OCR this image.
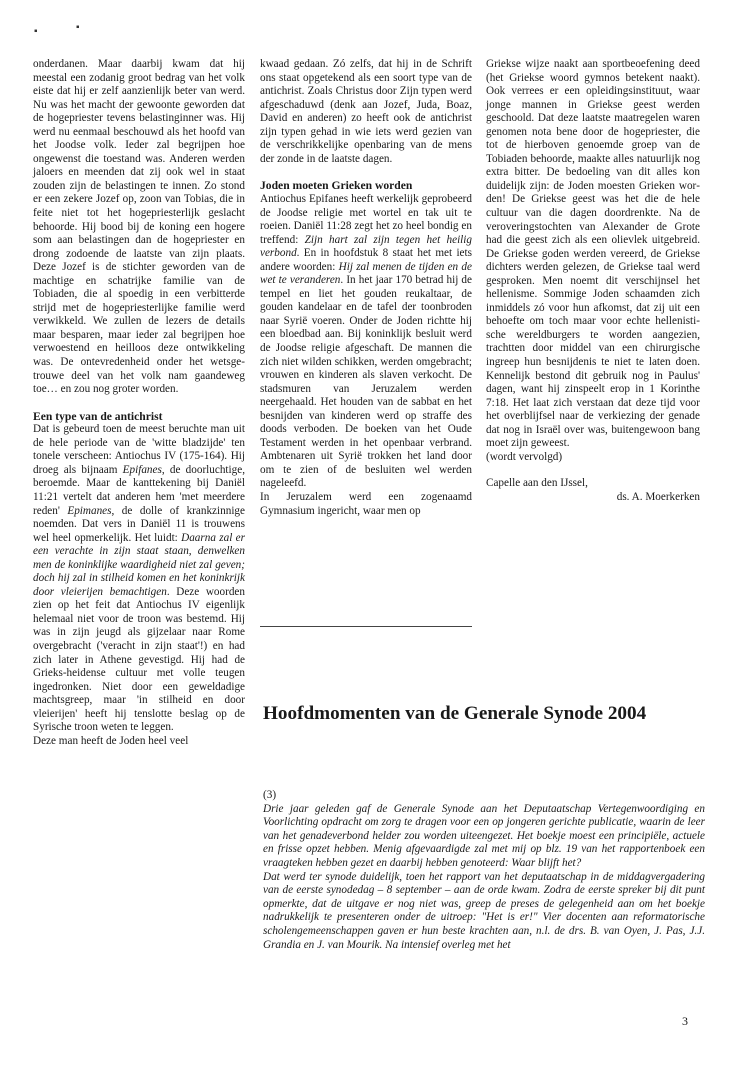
▪	▪

onderdanen. Maar daarbij kwam dat hij meestal een zodanig groot bedrag van het volk eiste dat hij er zelf aanzienlijk beter van werd. Nu was het macht der gewoonte geworden dat de hogepriester tevens belastinginner was. Hij werd nu eenmaal beschouwd als het hoofd van het Joodse volk. Ieder zal begrijpen hoe ongewenst die toestand was. Anderen werden jaloers en meenden dat zij ook wel in staat zouden zijn de belastingen te innen. Zo stond er een zekere Jozef op, zoon van Tobias, die in feite niet tot het hogepriesterlijk geslacht behoorde. Hij bood bij de koning een hogere som aan belastingen dan de hogepriester en drong zodoende de laatste van zijn plaats. Deze Jozef is de stichter geworden van de machtige en schatrijke familie van de Tobiaden, die al spoedig in een verbitterde strijd met de hogepriesterlijke familie werd verwikkeld. We zullen de lezers de details maar besparen, maar ieder zal begrijpen hoe verwoestend en heilloos deze ontwikkeling was. De ontevredenheid onder het wetsgetrouwe deel van het volk nam gaandeweg toe… en zou nog groter worden.

Een type van de antichrist

Dat is gebeurd toen de meest beruchte man uit de hele periode van de 'witte bladzijde' ten tonele verscheen: Antiochus IV (175-164). Hij droeg als bijnaam Epifanes, de doorluchtige, beroemde. Maar de kanttekening bij Daniël 11:21 vertelt dat anderen hem 'met meerdere reden' Epimanes, de dolle of krankzinnige noemden. Dat vers in Daniël 11 is trouwens wel heel opmerkelijk. Het luidt: Daarna zal er een verachte in zijn staat staan, denwelken men de koninklijke waardigheid niet zal geven; doch hij zal in stilheid komen en het koninkrijk door vleierijen bemachtigen. Deze woorden zien op het feit dat Antiochus IV eigenlijk helemaal niet voor de troon was bestemd. Hij was in zijn jeugd als gijzelaar naar Rome overgebracht ('veracht in zijn staat'!) en had zich later in Athene gevestigd. Hij had de Grieks-heidense cultuur met volle teugen ingedronken. Niet door een geweldadige machtsgreep, maar 'in stilheid en door vleierijen' heeft hij tenslotte beslag op de Syrische troon weten te leggen.

Deze man heeft de Joden heel veel

kwaad gedaan. Zó zelfs, dat hij in de Schrift ons staat opgetekend als een soort type van de antichrist. Zoals Christus door Zijn typen werd afgeschaduwd (denk aan Jozef, Juda, Boaz, David en anderen) zo heeft ook de antichrist zijn typen gehad in wie iets werd gezien van de verschrikkelijke openbaring van de mens der zonde in de laatste dagen.

Joden moeten Grieken worden

Antiochus Epifanes heeft werkelijk geprobeerd de Joodse religie met wortel en tak uit te roeien. Daniël 11:28 zegt het zo heel bondig en treffend: Zijn hart zal zijn tegen het heilig verbond. En in hoofdstuk 8 staat het met iets andere woorden: Hij zal menen de tijden en de wet te veranderen. In het jaar 170 betrad hij de tempel en liet het gouden reukaltaar, de gouden kandelaar en de tafel der toonbroden naar Syrië voeren. Onder de Joden richtte hij een bloedbad aan. Bij koninklijk besluit werd de Joodse religie afgeschaft. De mannen die zich niet wilden schikken, werden omgebracht; vrouwen en kinderen als slaven verkocht. De stadsmuren van Jeruzalem werden neergehaald. Het houden van de sabbat en het besnijden van kinderen werd op straffe des doods verboden. De boeken van het Oude Testament werden in het openbaar verbrand. Ambtenaren uit Syrië trokken het land door om te zien of de besluiten wel werden nageleefd.

In Jeruzalem werd een zogenaamd Gymnasium ingericht, waar men op

Griekse wijze naakt aan sportbeoefening deed (het Griekse woord gymnos betekent naakt). Ook verrees er een opleidingsinstituut, waar jonge mannen in Griekse geest werden geschoold. Dat deze laatste maatregelen waren genomen nota bene door de hogepriester, die tot de hierboven genoemde groep van de Tobiaden behoorde, maakte alles natuurlijk nog extra bitter. De bedoeling van dit alles kon duidelijk zijn: de Joden moesten Grieken worden! De Griekse geest was het die de hele cultuur van die dagen doordrenkte. Na de veroveringstochten van Alexander de Grote had die geest zich als een olievlek uitgebreid. De Griekse goden werden vereerd, de Griekse dichters werden gelezen, de Griekse taal werd gesproken. Men noemt dit verschijnsel het hellenisme. Sommige Joden schaamden zich inmiddels zó voor hun afkomst, dat zij uit een behoefte om toch maar voor echte hellenistische wereldburgers te worden aangezien, trachtten door middel van een chirurgische ingreep hun besnijdenis te niet te laten doen. Kennelijk bestond dit gebruik nog in Paulus' dagen, want hij zinspeelt erop in 1 Korinthe 7:18. Het laat zich verstaan dat deze tijd voor het overblijfsel naar de verkiezing der genade dat nog in Israël over was, buitengewoon bang moet zijn geweest.

(wordt vervolgd)

Capelle aan den IJssel,

ds. A. Moerkerken

Hoofdmomenten van de Generale Synode 2004

(3)

Drie jaar geleden gaf de Generale Synode aan het Deputaatschap Vertegenwoordiging en Voorlichting opdracht om zorg te dragen voor een op jongeren gerichte publicatie, waarin de leer van het genadeverbond helder zou worden uiteengezet. Het boekje moest een principiële, actuele en frisse opzet hebben. Menig afgevaardigde zal met mij op blz. 19 van het rapportenboek een vraagteken hebben gezet en daarbij hebben genoteerd: Waar blijft het?

Dat werd ter synode duidelijk, toen het rapport van het deputaatschap in de middagvergadering van de eerste synodedag – 8 september – aan de orde kwam. Zodra de eerste spreker bij dit punt opmerkte, dat de uitgave er nog niet was, greep de preses de gelegenheid aan om het boekje nadrukkelijk te presenteren onder de uitroep: "Het is er!" Vier docenten aan reformatorische scholengemeenschappen gaven er hun beste krachten aan, n.l. de drs. B. van Oyen, J. Pas, J.J. Grandia en J. van Mourik. Na intensief overleg met het

3
